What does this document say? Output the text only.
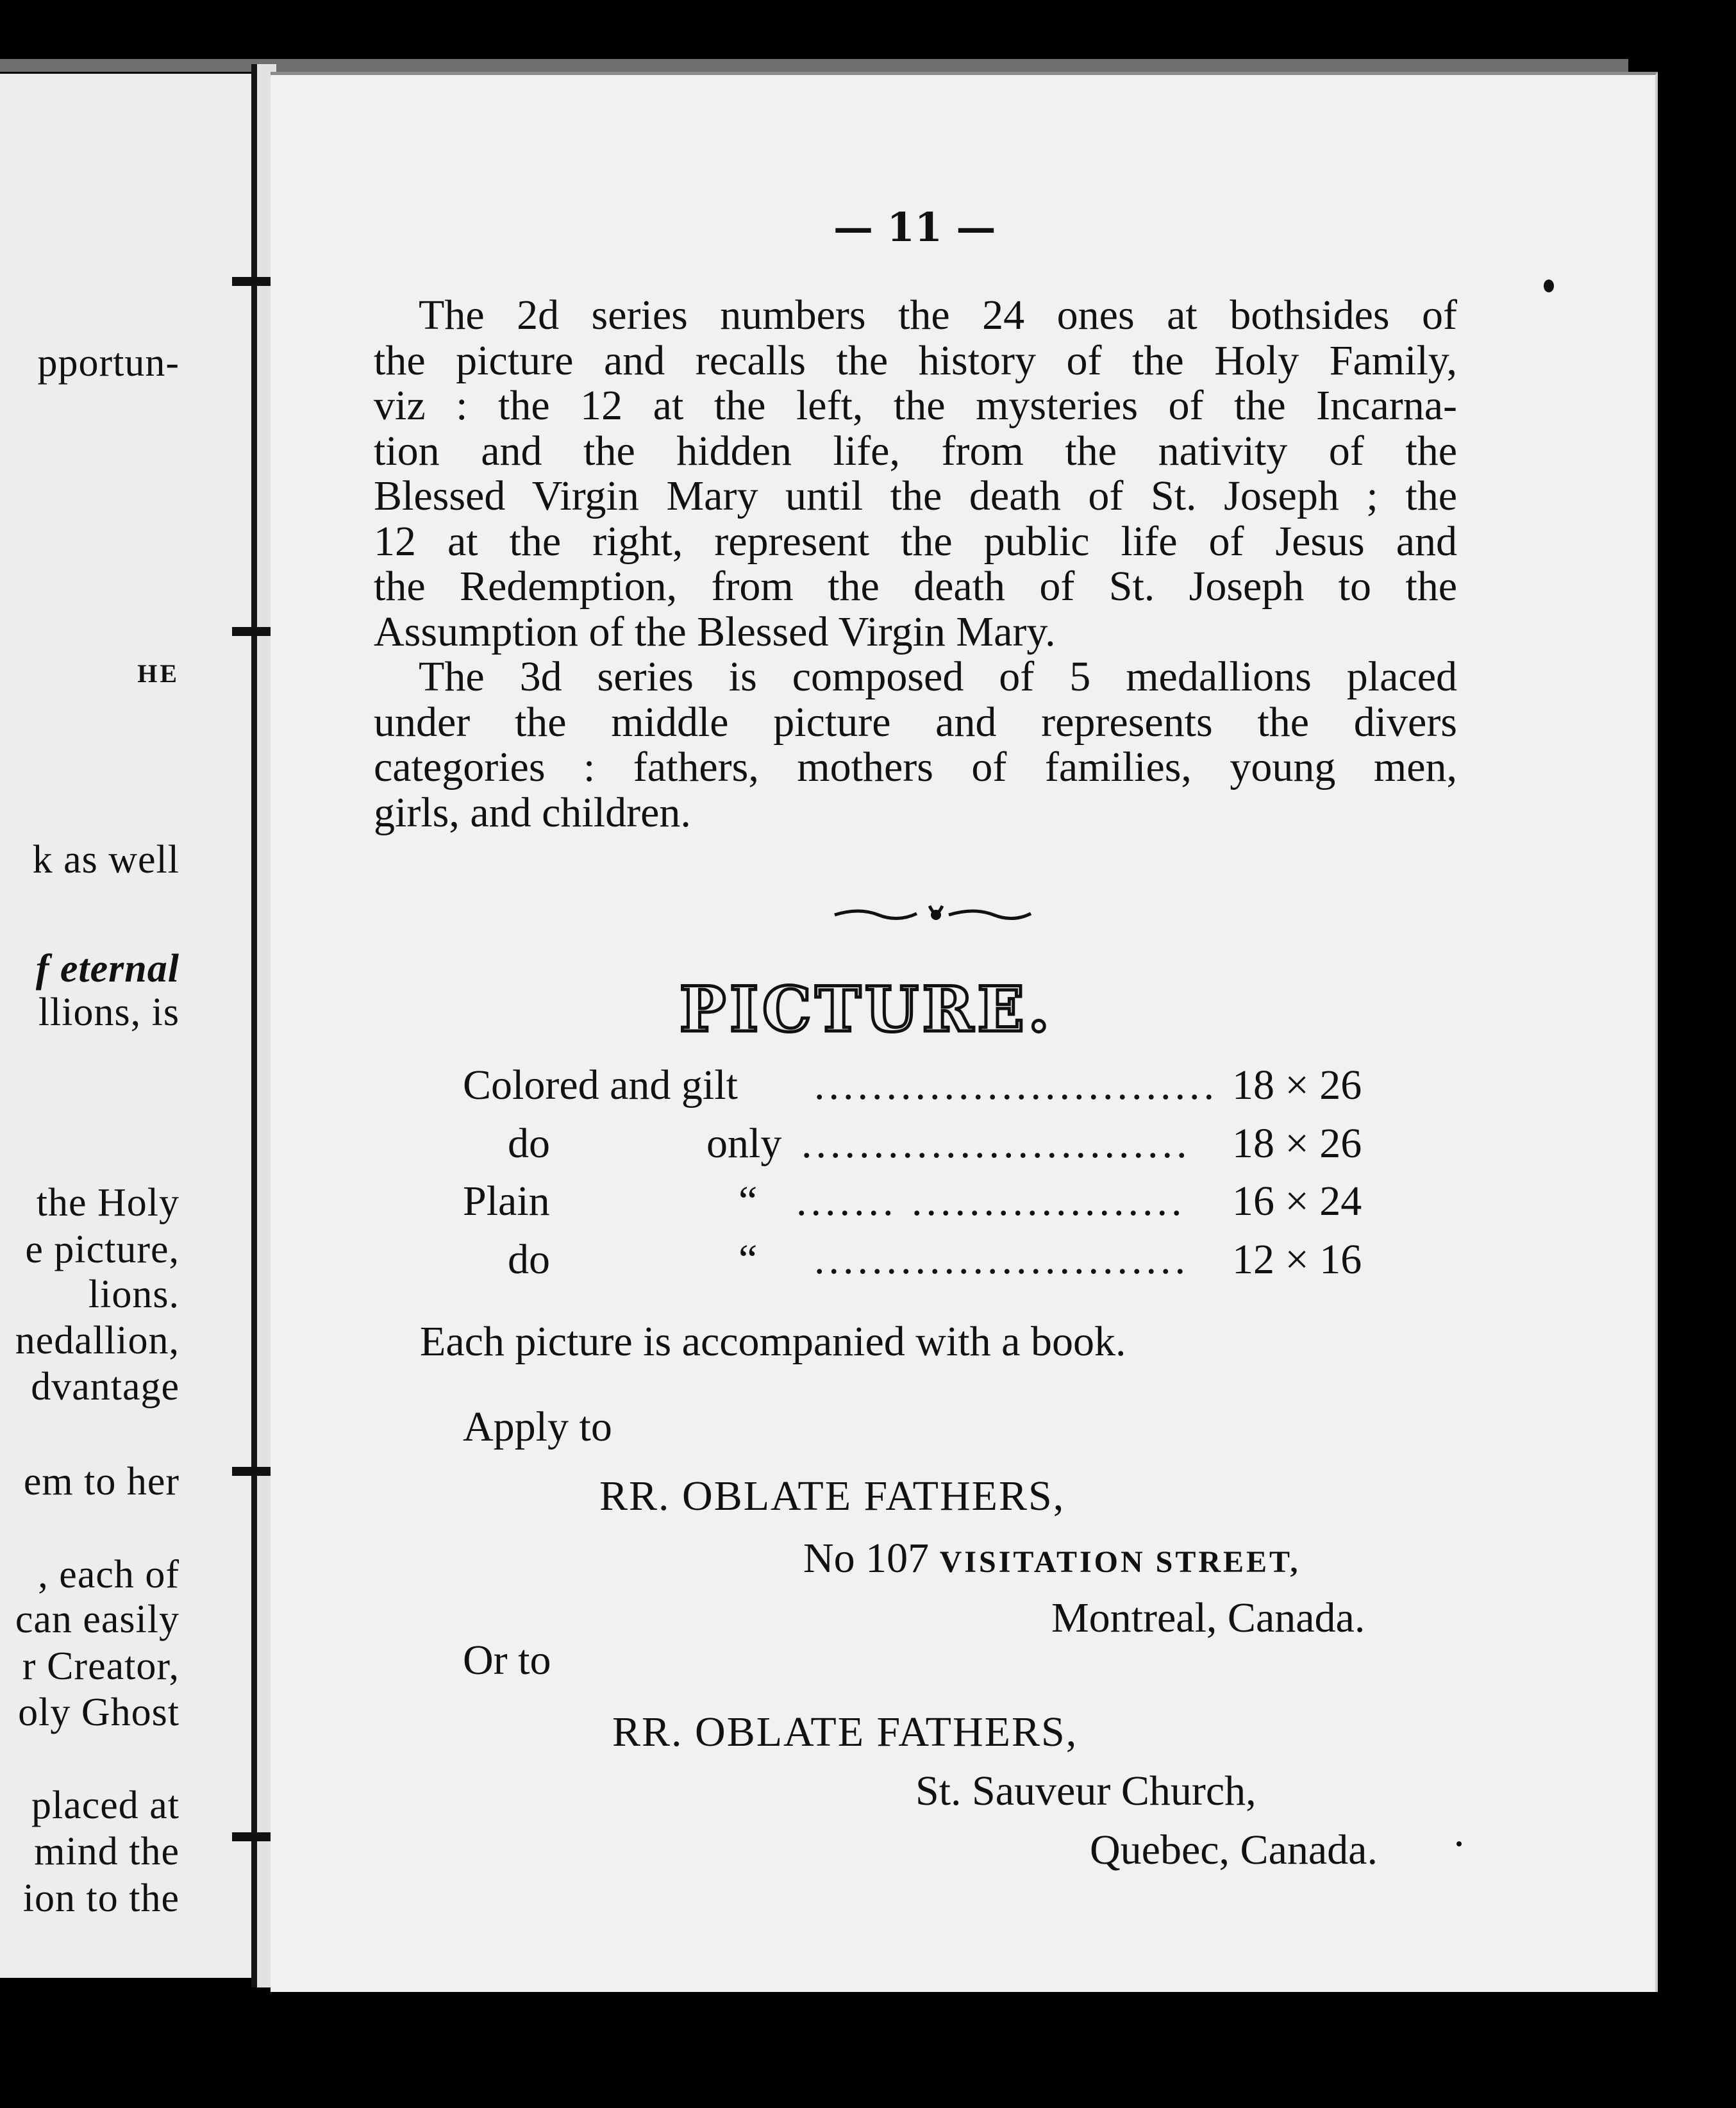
pportun-
HE
k as well
f eternal
llions, is
the Holy
e picture,
lions.
nedallion,
dvantage
em to her
, each of
can easily
r Creator,
oly Ghost
placed at
mind the
ion to the
— 11 —
The 2d series numbers the 24 ones at bothsides of
the picture and recalls the history of the Holy Family,
viz : the 12 at the left, the mysteries of the Incarna-
tion and the hidden life, from the nativity of the
Blessed Virgin Mary until the death of St. Joseph ; the
12 at the right, represent the public life of Jesus and
the Redemption, from the death of St. Joseph to the
Assumption of the Blessed Virgin Mary.
The 3d series is composed of 5 medallions placed
under the middle picture and represents the divers
categories : fathers, mothers of families, young men,
girls, and children.
PICTURE.
Colored and gilt ............................ 18 × 26
do	only ........................... 18 × 26
Plain	“ ....... ................... 16 × 24
do	“ .......................... 12 × 16
Each picture is accompanied with a book.
Apply to
RR. OBLATE FATHERS,
No 107 VISITATION STREET,
Montreal, Canada.
Or to
RR. OBLATE FATHERS,
St. Sauveur Church,
Quebec, Canada.
